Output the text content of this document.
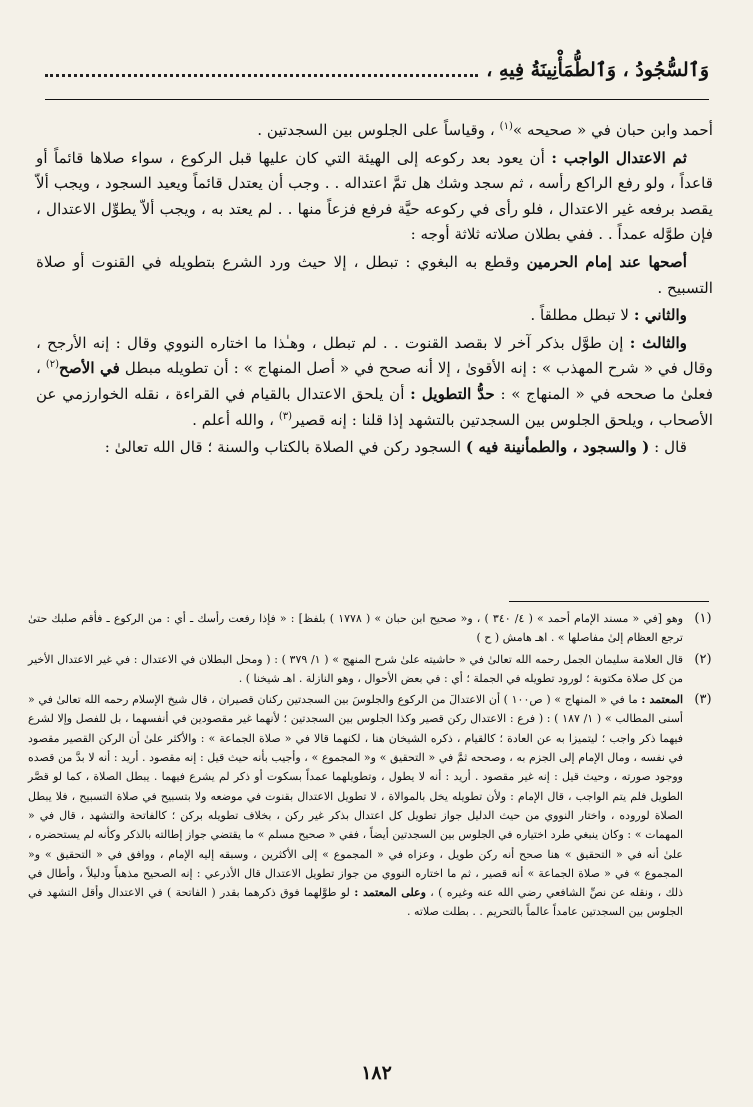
وَٱلسُّجُودُ ، وَٱلطُّمَأْنِينَةُ فِيهِ ،

أحمد وابن حبان في « صحيحه »$^{(١)}$ ، وقياساً على الجلوس بين السجدتين .

ثم الاعتدال الواجب : أن يعود بعد ركوعه إلى الهيئة التي كان عليها قبل الركوع ، سواء صلاها قائماً أو قاعداً ، ولو رفع الراكع رأسه ، ثم سجد وشك هل تمَّ اعتداله . . وجب أن يعتدل قائماً ويعيد السجود ، ويجب ألاّ يقصد برفعه غير الاعتدال ، فلو رأى في ركوعه حيَّة فرفع فزعاً منها . . لم يعتد به ، ويجب ألاّ يطوِّل الاعتدال ، فإن طوَّله عمداً . . ففي بطلان صلاته ثلاثة أوجه :

أصحها عند إمام الحرمين وقطع به البغوي : تبطل ، إلا حيث ورد الشرع بتطويله في القنوت أو صلاة التسبيح .

والثاني : لا تبطل مطلقاً .

والثالث : إن طوَّل بذكر آخر لا بقصد القنوت . . لم تبطل ، وهـٰذا ما اختاره النووي وقال : إنه الأرجح ، وقال في « شرح المهذب » : إنه الأقوىٰ ، إلا أنه صحح في « أصل المنهاج » : أن تطويله مبطل في الأصح$^{(٢)}$ ، فعلىٰ ما صححه في « المنهاج » : حدُّ التطويل : أن يلحق الاعتدال بالقيام في القراءة ، نقله الخوارزمي عن الأصحاب ، ويلحق الجلوس بين السجدتين بالتشهد إذا قلنا : إنه قصير$^{(٣)}$ ، والله أعلم .

قال : ( والسجود ، والطمأنينة فيه ) السجود ركن في الصلاة بالكتاب والسنة ؛ قال الله تعالىٰ :

(١)
وهو [في « مسند الإمام أحمد » ( ٤/ ٣٤٠ ) ، و« صحيح ابن حبان » ( ١٧٧٨ ) بلفظ] : « فإذا رفعت رأسك ـ أي : من الركوع ـ فأقم صلبك حتىٰ ترجع العظام إلىٰ مفاصلها » . اهـ هامش ( ح )
(٢)
قال العلامة سليمان الجمل رحمه الله تعالىٰ في « حاشيته علىٰ شرح المنهج » ( ١/ ٣٧٩ ) : ( ومحل البطلان في الاعتدال : في غير الاعتدال الأخير من كل صلاة مكتوبة ؛ لورود تطويله في الجملة ؛ أي : في بعض الأحوال ، وهو النازلة . اهـ شيخنا ) .
(٣)
المعتمد : ما في « المنهاج » ( ص١٠٠ ) أن الاعتدالَ من الركوع والجلوسَ بين السجدتين ركنان قصيران ، قال شيخ الإسلام رحمه الله تعالىٰ في « أسنى المطالب » ( ١/ ١٨٧ ) : ( فرع : الاعتدال ركن قصير وكذا الجلوس بين السجدتين ؛ لأنهما غير مقصودين في أنفسهما ، بل للفصل وإلا لشرع فيهما ذكر واجب ؛ ليتميزا به عن العادة ؛ كالقيام ، ذكره الشيخان هنا ، لكنهما قالا في « صلاة الجماعة » : والأكثر علىٰ أن الركن القصير مقصود في نفسه ، ومال الإمام إلى الجزم به ، وصححه ثمَّ في « التحقيق » و« المجموع » ، وأجيب بأنه حيث قيل : إنه مقصود . أريد : أنه لا بدَّ من قصده ووجود صورته ، وحيث قيل : إنه غير مقصود . أريد : أنه لا يطول ، وتطويلهما عمداً بسكوت أو ذكر لم يشرع فيهما . يبطل الصلاة ، كما لو قصَّر الطويل فلم يتم الواجب ، قال الإمام : ولأن تطويله يخل بالموالاة ، لا تطويل الاعتدال بقنوت في موضعه ولا بتسبيح في صلاة التسبيح ، فلا يبطل الصلاة لوروده ، واختار النووي من حيث الدليل جواز تطويل كل اعتدال بذكر غير ركن ، بخلاف تطويله بركن ؛ كالفاتحة والتشهد ، قال في « المهمات » : وكان ينبغي طرد اختياره في الجلوس بين السجدتين أيضاً ، ففي « صحيح مسلم » ما يقتضي جواز إطالته بالذكر وكأنه لم يستحضره ، علىٰ أنه في « التحقيق » هنا صحح أنه ركن طويل ، وعزاه في « المجموع » إلى الأكثرين ، وسبقه إليه الإمام ، ووافق في « التحقيق » و« المجموع » في « صلاة الجماعة » أنه قصير ، ثم ما اختاره النووي من جواز تطويل الاعتدال قال الأذرعي : إنه الصحيح مذهباً ودليلاً ، وأطال في ذلك ، ونقله عن نصِّ الشافعي رضي الله عنه وغيره ) ، وعلى المعتمد : لو طوَّلهما فوق ذكرهما بقدر ( الفاتحة ) في الاعتدال وأقل التشهد في الجلوس بين السجدتين عامداً عالماً بالتحريم . . بطلت صلاته .
١٨٢
